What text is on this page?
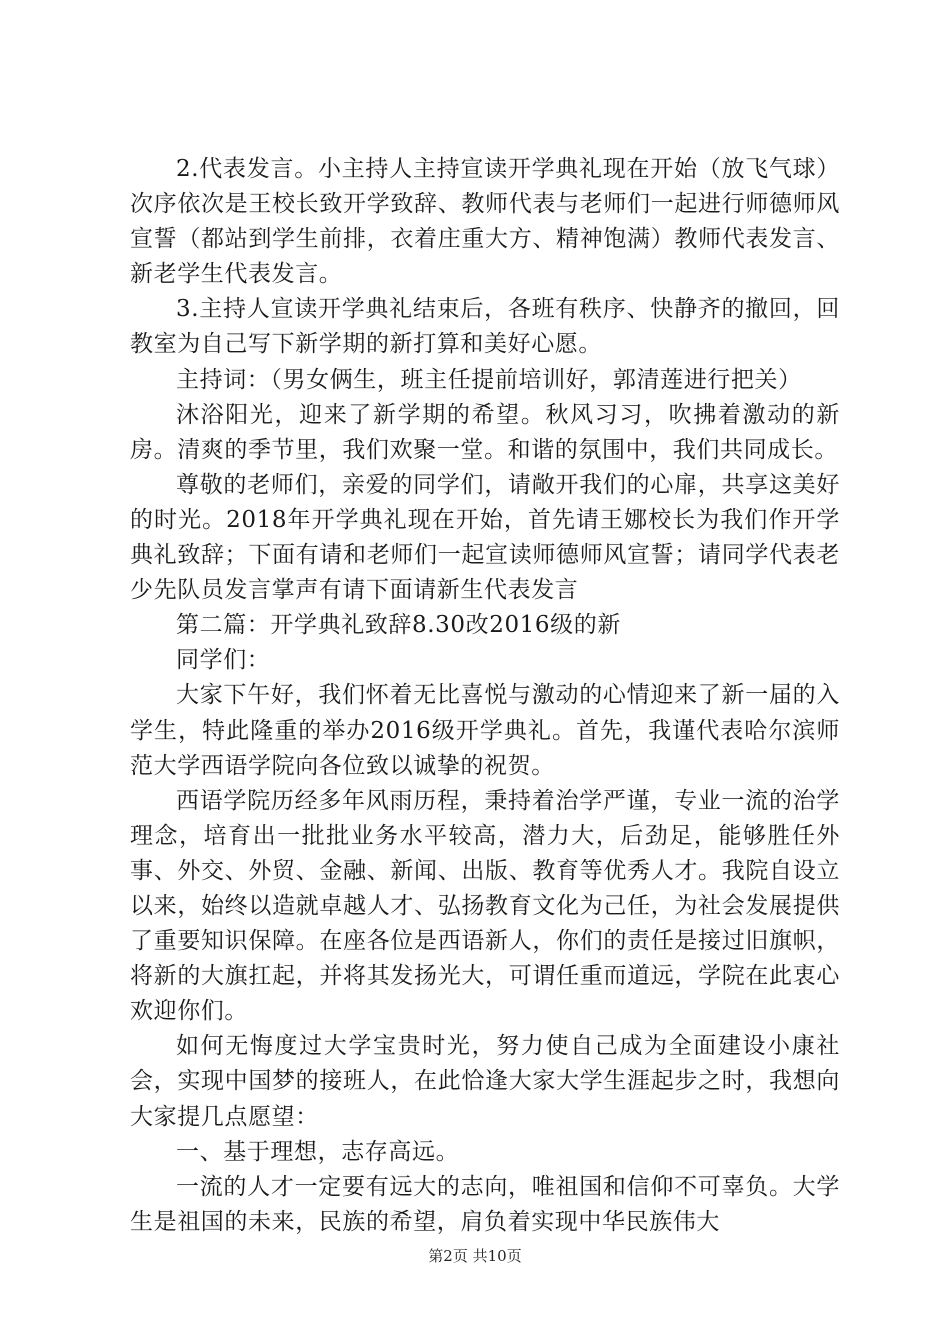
2.代表发言。小主持人主持宣读开学典礼现在开始（放飞气球）次序依次是王校长致开学致辞、教师代表与老师们一起进行师德师风宣誓（都站到学生前排，衣着庄重大方、精神饱满）教师代表发言、新老学生代表发言。

3.主持人宣读开学典礼结束后，各班有秩序、快静齐的撤回，回教室为自己写下新学期的新打算和美好心愿。

主持词：（男女俩生，班主任提前培训好，郭清莲进行把关）

沐浴阳光，迎来了新学期的希望。秋风习习，吹拂着激动的新房。清爽的季节里，我们欢聚一堂。和谐的氛围中，我们共同成长。

尊敬的老师们，亲爱的同学们，请敞开我们的心扉，共享这美好的时光。2018年开学典礼现在开始，首先请王娜校长为我们作开学典礼致辞；下面有请和老师们一起宣读师德师风宣誓；请同学代表老少先队员发言掌声有请下面请新生代表发言

第二篇：开学典礼致辞8.30改2016级的新

同学们：

大家下午好，我们怀着无比喜悦与激动的心情迎来了新一届的入学生，特此隆重的举办2016级开学典礼。首先，我谨代表哈尔滨师范大学西语学院向各位致以诚挚的祝贺。

西语学院历经多年风雨历程，秉持着治学严谨，专业一流的治学理念，培育出一批批业务水平较高，潜力大，后劲足，能够胜任外事、外交、外贸、金融、新闻、出版、教育等优秀人才。我院自设立以来，始终以造就卓越人才、弘扬教育文化为己任，为社会发展提供了重要知识保障。在座各位是西语新人，你们的责任是接过旧旗帜，将新的大旗扛起，并将其发扬光大，可谓任重而道远，学院在此衷心欢迎你们。

如何无悔度过大学宝贵时光，努力使自己成为全面建设小康社会，实现中国梦的接班人，在此恰逢大家大学生涯起步之时，我想向大家提几点愿望：

一、基于理想，志存高远。

一流的人才一定要有远大的志向，唯祖国和信仰不可辜负。大学生是祖国的未来，民族的希望，肩负着实现中华民族伟大

第2页 共10页
